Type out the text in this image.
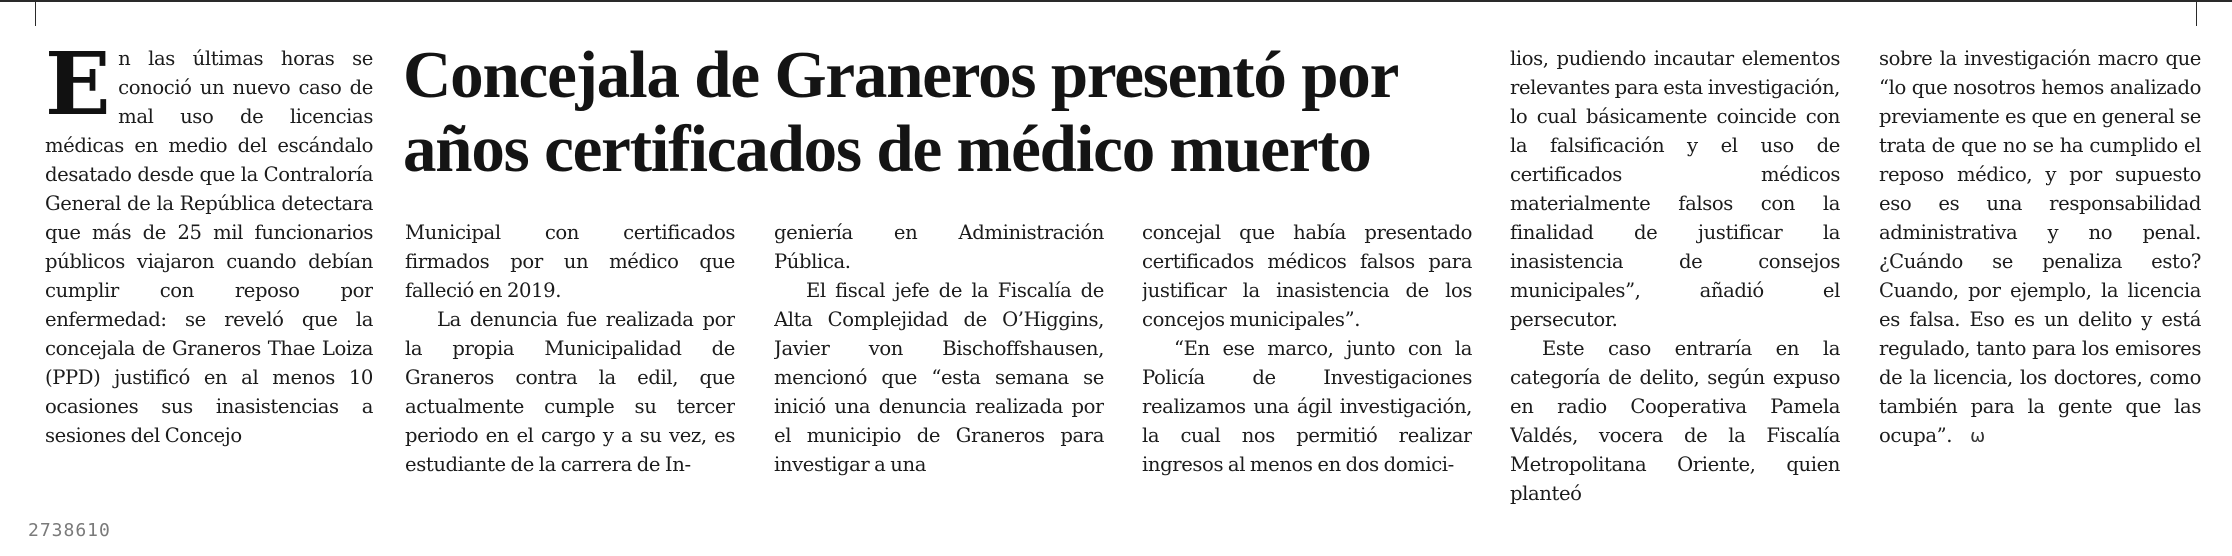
E n las últimas horas se conoció un nuevo caso de mal uso de licencias médicas en medio del escándalo desatado desde que la Contraloría General de la República detectara que más de 25 mil funcionarios públicos viajaron cuando debían cumplir con reposo por enfermedad: se reveló que la concejala de Graneros Thae Loiza (PPD) justificó en al menos 10 ocasiones sus inasistencias a sesiones del Concejo

Concejala de Graneros presentó por
años certificados de médico muerto

Municipal con certificados firmados por un médico que falleció en 2019.

La denuncia fue realizada por la propia Municipalidad de Graneros contra la edil, que actualmente cumple su tercer periodo en el cargo y a su vez, es estudiante de la carrera de In-

geniería en Administración Pública.

El fiscal jefe de la Fiscalía de Alta Complejidad de O’Higgins, Javier von Bischoffshausen, mencionó que “esta semana se inició una denuncia realizada por el municipio de Graneros para investigar a una

concejal que había presentado certificados médicos falsos para justificar la inasistencia de los concejos municipales”.

“En ese marco, junto con la Policía de Investigaciones realizamos una ágil investigación, la cual nos permitió realizar ingresos al menos en dos domici-

lios, pudiendo incautar elementos relevantes para esta investigación, lo cual básicamente coincide con la falsificación y el uso de certificados médicos materialmente falsos con la finalidad de justificar la inasistencia de consejos municipales”, añadió el persecutor.

Este caso entraría en la categoría de delito, según expuso en radio Cooperativa Pamela Valdés, vocera de la Fiscalía Metropolitana Oriente, quien planteó

sobre la investigación macro que “lo que nosotros hemos analizado previamente es que en general se trata de que no se ha cumplido el reposo médico, y por supuesto eso es una responsabilidad administrativa y no penal. ¿Cuándo se penaliza esto? Cuando, por ejemplo, la licencia es falsa. Eso es un delito y está regulado, tanto para los emisores de la licencia, los doctores, como también para la gente que las ocupa”. ω

2738610
